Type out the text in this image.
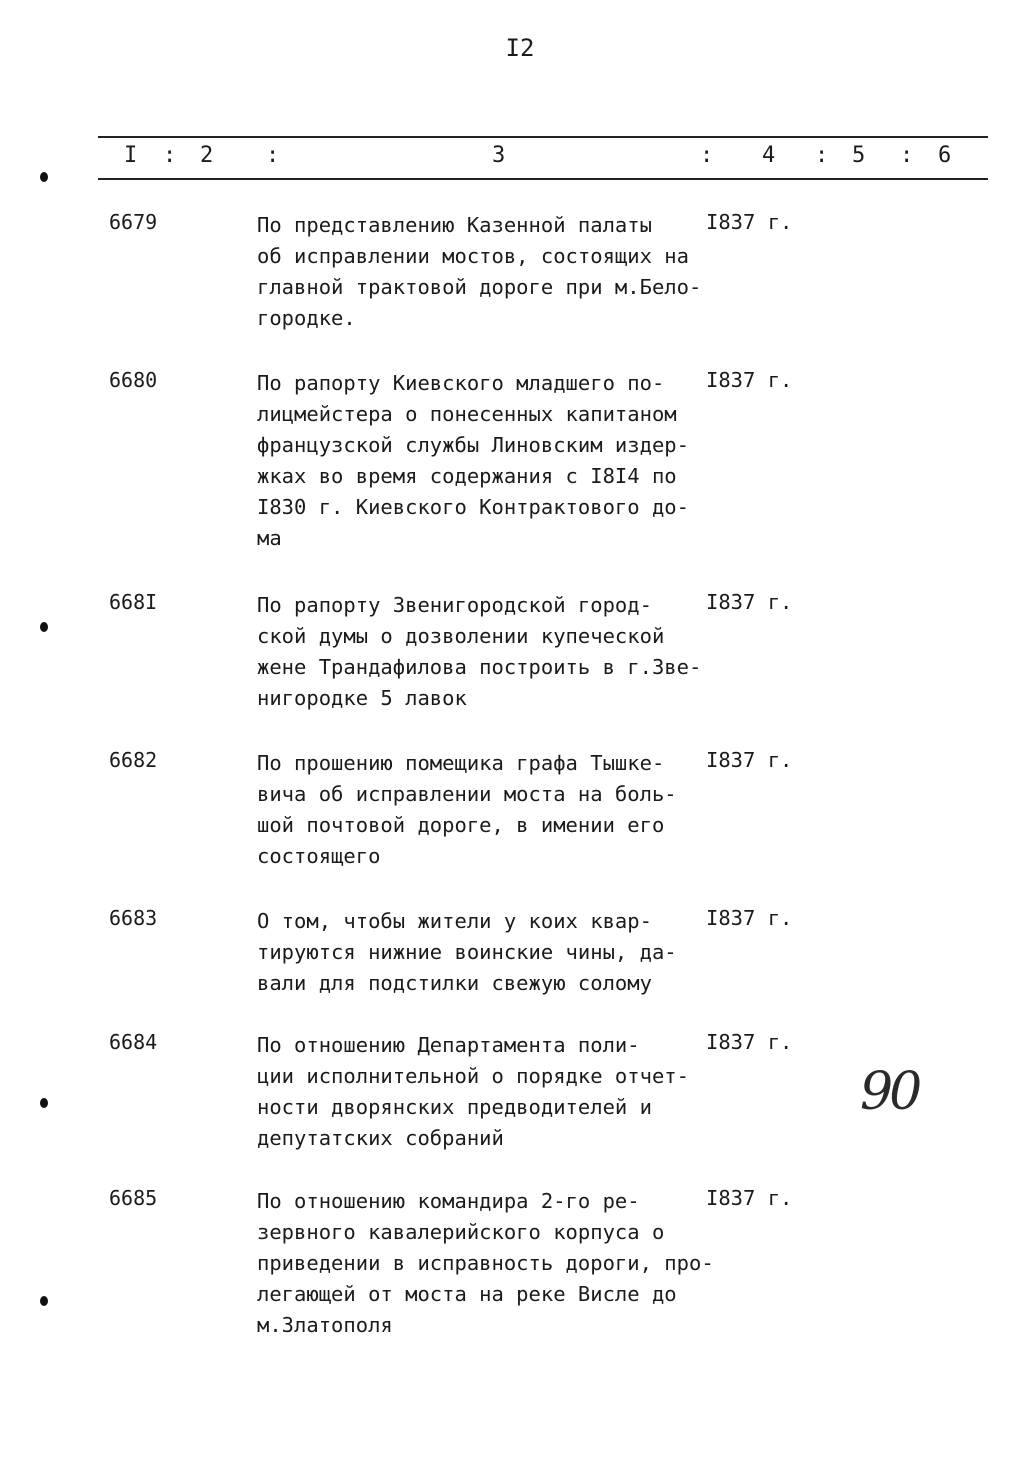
I2
I : 2 :	3	: 4 : 5 : 6
6679	По представлению Казенной палаты
об исправлении мостов, состоящих на
главной трактовой дороге при м.Бело-
городке.
I837 г.
6680	По рапорту Киевского младшего по-
лицмейстера о понесенных капитаном
французской службы Линовским издер-
жках во время содержания с I8I4 по
I830 г. Киевского Контрактового до-
ма
I837 г.
668I	По рапорту Звенигородской город-
ской думы о дозволении купеческой
жене Трандафилова построить в г.Зве-
нигородке 5 лавок
I837 г.
6682	По прошению помещика графа Тышке-
вича об исправлении моста на боль-
шой почтовой дороге, в имении его
состоящего
I837 г.
6683	О том, чтобы жители у коих квар-
тируются нижние воинские чины, да-
вали для подстилки свежую солому
I837 г.
6684	По отношению Департамента поли-
ции исполнительной о порядке отчет-
ности дворянских предводителей и
депутатских собраний
I837 г.
6685	По отношению командира 2-го ре-
зервного кавалерийского корпуса о
приведении в исправность дороги, про-
легающей от моста на реке Висле до
м.Златополя
I837 г.
90
